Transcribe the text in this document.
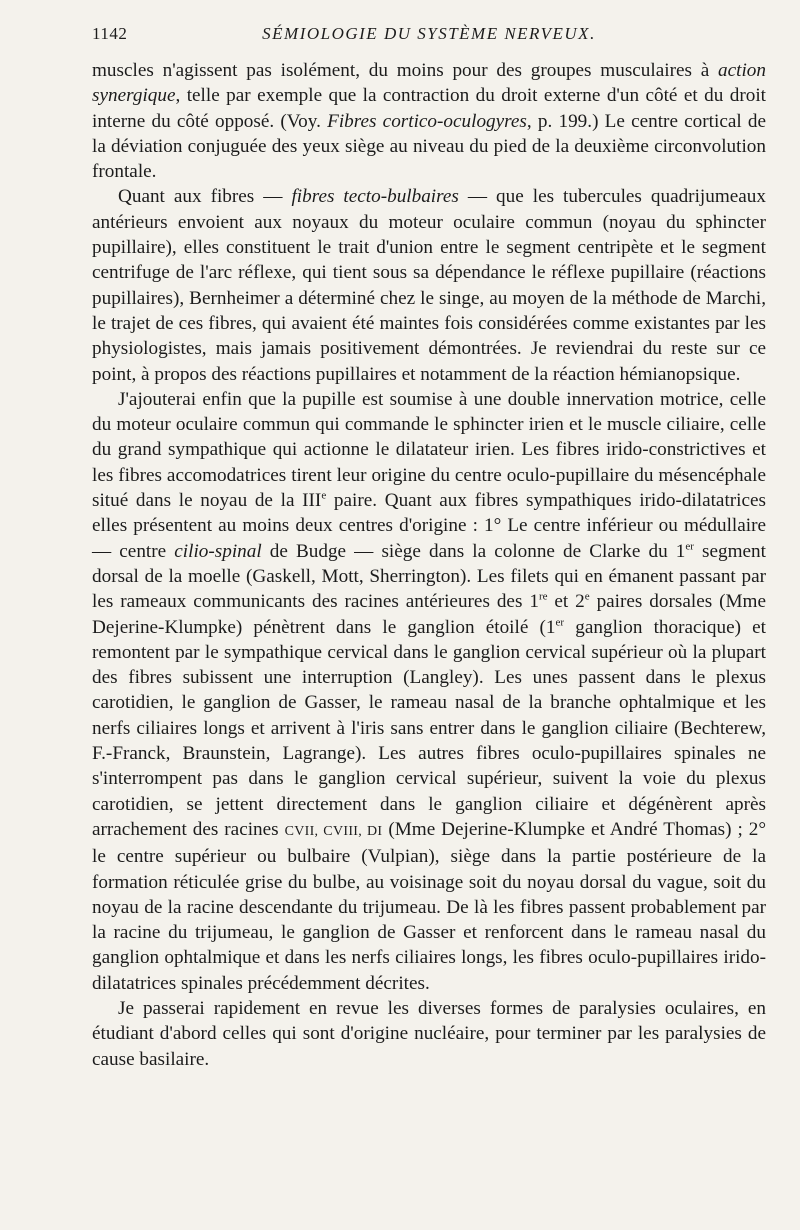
1142	SÉMIOLOGIE DU SYSTÈME NERVEUX.

muscles n'agissent pas isolément, du moins pour des groupes musculaires à action synergique, telle par exemple que la contraction du droit externe d'un côté et du droit interne du côté opposé. (Voy. Fibres cortico-oculogyres, p. 199.) Le centre cortical de la déviation conjuguée des yeux siège au niveau du pied de la deuxième circonvolution frontale.

Quant aux fibres — fibres tecto-bulbaires — que les tubercules quadrijumeaux antérieurs envoient aux noyaux du moteur oculaire commun (noyau du sphincter pupillaire), elles constituent le trait d'union entre le segment centripète et le segment centrifuge de l'arc réflexe, qui tient sous sa dépendance le réflexe pupillaire (réactions pupillaires), Bernheimer a déterminé chez le singe, au moyen de la méthode de Marchi, le trajet de ces fibres, qui avaient été maintes fois considérées comme existantes par les physiologistes, mais jamais positivement démontrées. Je reviendrai du reste sur ce point, à propos des réactions pupillaires et notamment de la réaction hémianopsique.

J'ajouterai enfin que la pupille est soumise à une double innervation motrice, celle du moteur oculaire commun qui commande le sphincter irien et le muscle ciliaire, celle du grand sympathique qui actionne le dilatateur irien. Les fibres irido-constrictives et les fibres accomodatrices tirent leur origine du centre oculo-pupillaire du mésencéphale situé dans le noyau de la IIIe paire. Quant aux fibres sympathiques irido-dilatatrices elles présentent au moins deux centres d'origine : 1° Le centre inférieur ou médullaire — centre cilio-spinal de Budge — siège dans la colonne de Clarke du 1er segment dorsal de la moelle (Gaskell, Mott, Sherrington). Les filets qui en émanent passant par les rameaux communicants des racines antérieures des 1re et 2e paires dorsales (Mme Dejerine-Klumpke) pénètrent dans le ganglion étoilé (1er ganglion thoracique) et remontent par le sympathique cervical dans le ganglion cervical supérieur où la plupart des fibres subissent une interruption (Langley). Les unes passent dans le plexus carotidien, le ganglion de Gasser, le rameau nasal de la branche ophtalmique et les nerfs ciliaires longs et arrivent à l'iris sans entrer dans le ganglion ciliaire (Bechterew, F.-Franck, Braunstein, Lagrange). Les autres fibres oculo-pupillaires spinales ne s'interrompent pas dans le ganglion cervical supérieur, suivent la voie du plexus carotidien, se jettent directement dans le ganglion ciliaire et dégénèrent après arrachement des racines CVII, CVIII, DI (Mme Dejerine-Klumpke et André Thomas) ; 2° le centre supérieur ou bulbaire (Vulpian), siège dans la partie postérieure de la formation réticulée grise du bulbe, au voisinage soit du noyau dorsal du vague, soit du noyau de la racine descendante du trijumeau. De là les fibres passent probablement par la racine du trijumeau, le ganglion de Gasser et renforcent dans le rameau nasal du ganglion ophtalmique et dans les nerfs ciliaires longs, les fibres oculo-pupillaires irido-dilatatrices spinales précédemment décrites.

Je passerai rapidement en revue les diverses formes de paralysies oculaires, en étudiant d'abord celles qui sont d'origine nucléaire, pour terminer par les paralysies de cause basilaire.
